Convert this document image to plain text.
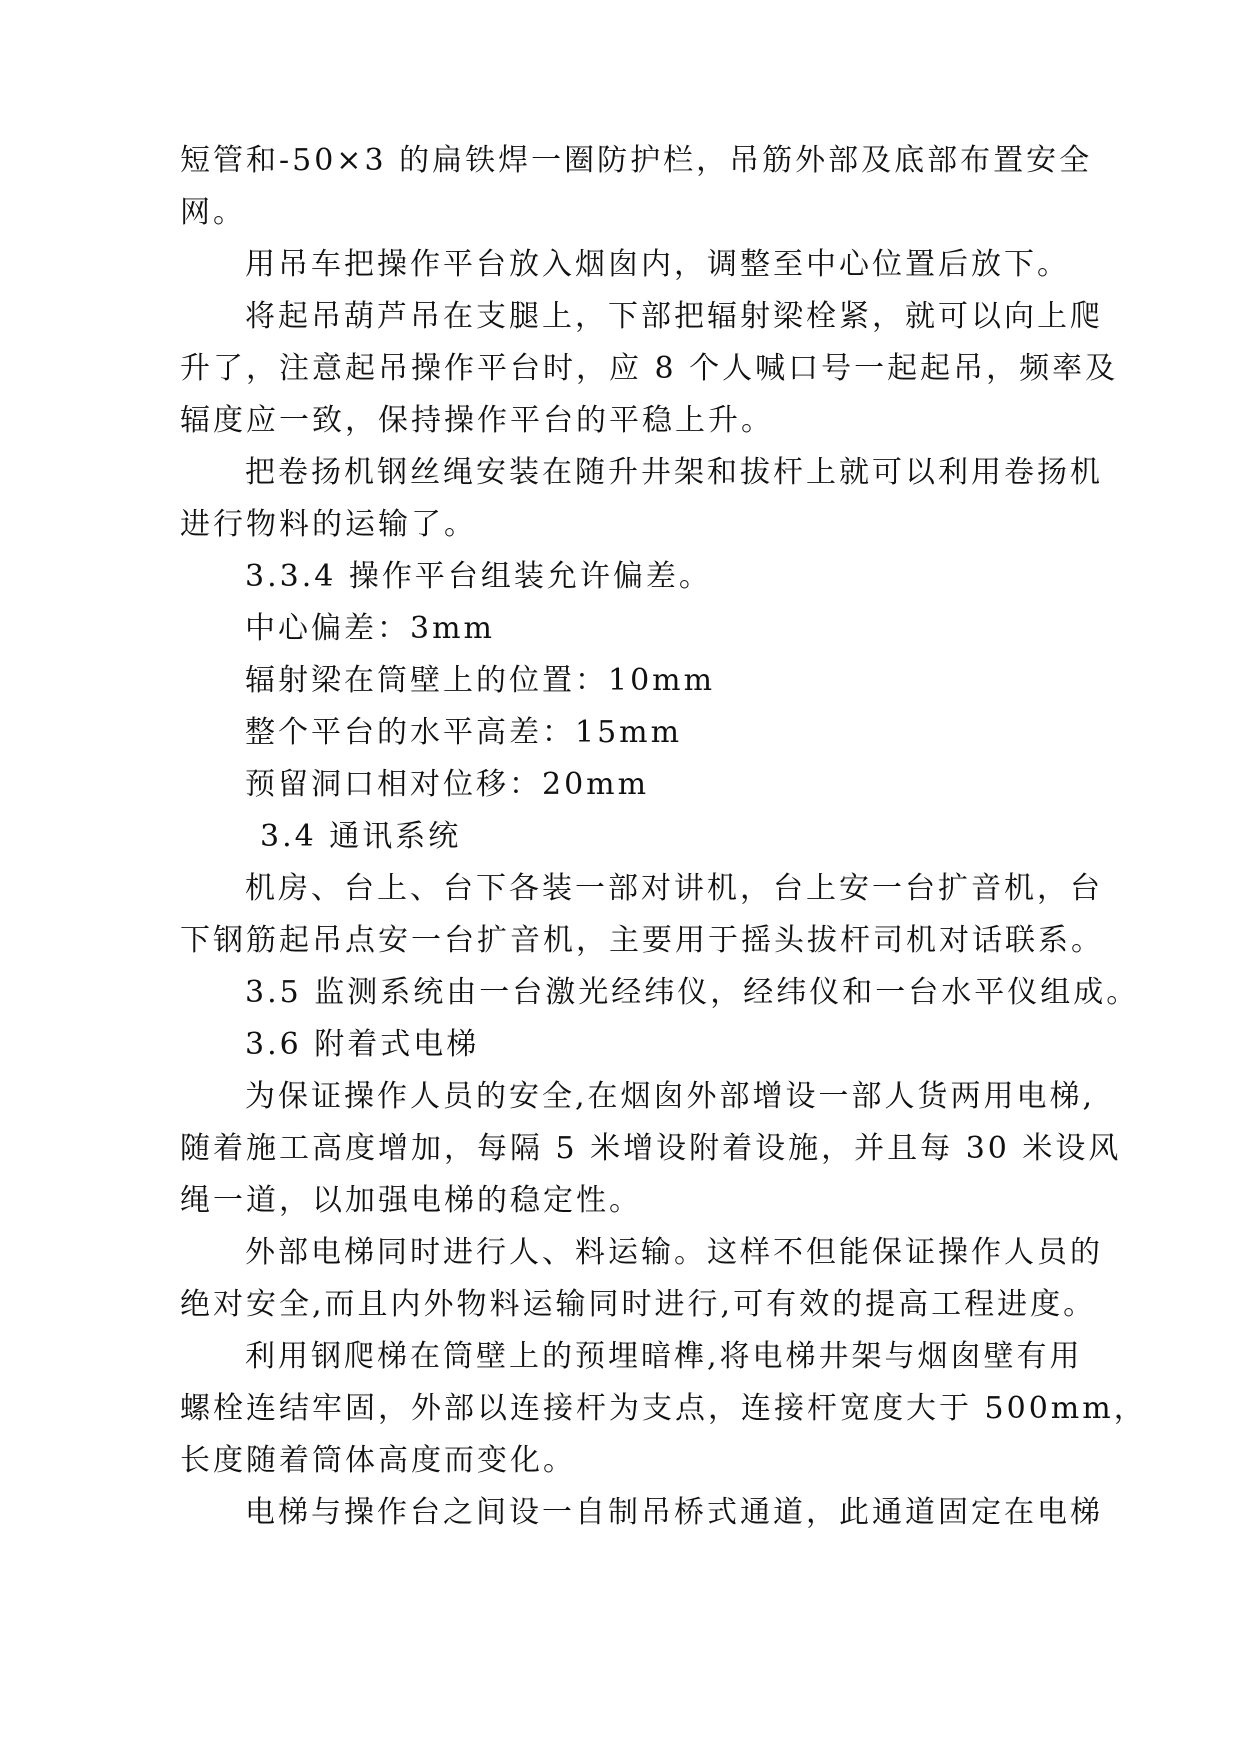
短管和-50×3 的扁铁焊一圈防护栏，吊筋外部及底部布置安全
网。
用吊车把操作平台放入烟囱内，调整至中心位置后放下。
将起吊葫芦吊在支腿上，下部把辐射梁栓紧，就可以向上爬
升了，注意起吊操作平台时，应 8 个人喊口号一起起吊，频率及
辐度应一致，保持操作平台的平稳上升。
把卷扬机钢丝绳安装在随升井架和拔杆上就可以利用卷扬机
进行物料的运输了。
3.3.4 操作平台组装允许偏差。
中心偏差：3mm
辐射梁在筒壁上的位置：10mm
整个平台的水平高差：15mm
预留洞口相对位移：20mm
3.4 通讯系统
机房、台上、台下各装一部对讲机，台上安一台扩音机，台
下钢筋起吊点安一台扩音机，主要用于摇头拔杆司机对话联系。
3.5 监测系统由一台激光经纬仪，经纬仪和一台水平仪组成。
3.6 附着式电梯
为保证操作人员的安全,在烟囱外部增设一部人货两用电梯,
随着施工高度增加，每隔 5 米增设附着设施，并且每 30 米设风
绳一道，以加强电梯的稳定性。
外部电梯同时进行人、料运输。这样不但能保证操作人员的
绝对安全,而且内外物料运输同时进行,可有效的提高工程进度。
利用钢爬梯在筒壁上的预埋暗榫,将电梯井架与烟囱壁有用
螺栓连结牢固，外部以连接杆为支点，连接杆宽度大于 500mm，
长度随着筒体高度而变化。
电梯与操作台之间设一自制吊桥式通道，此通道固定在电梯
